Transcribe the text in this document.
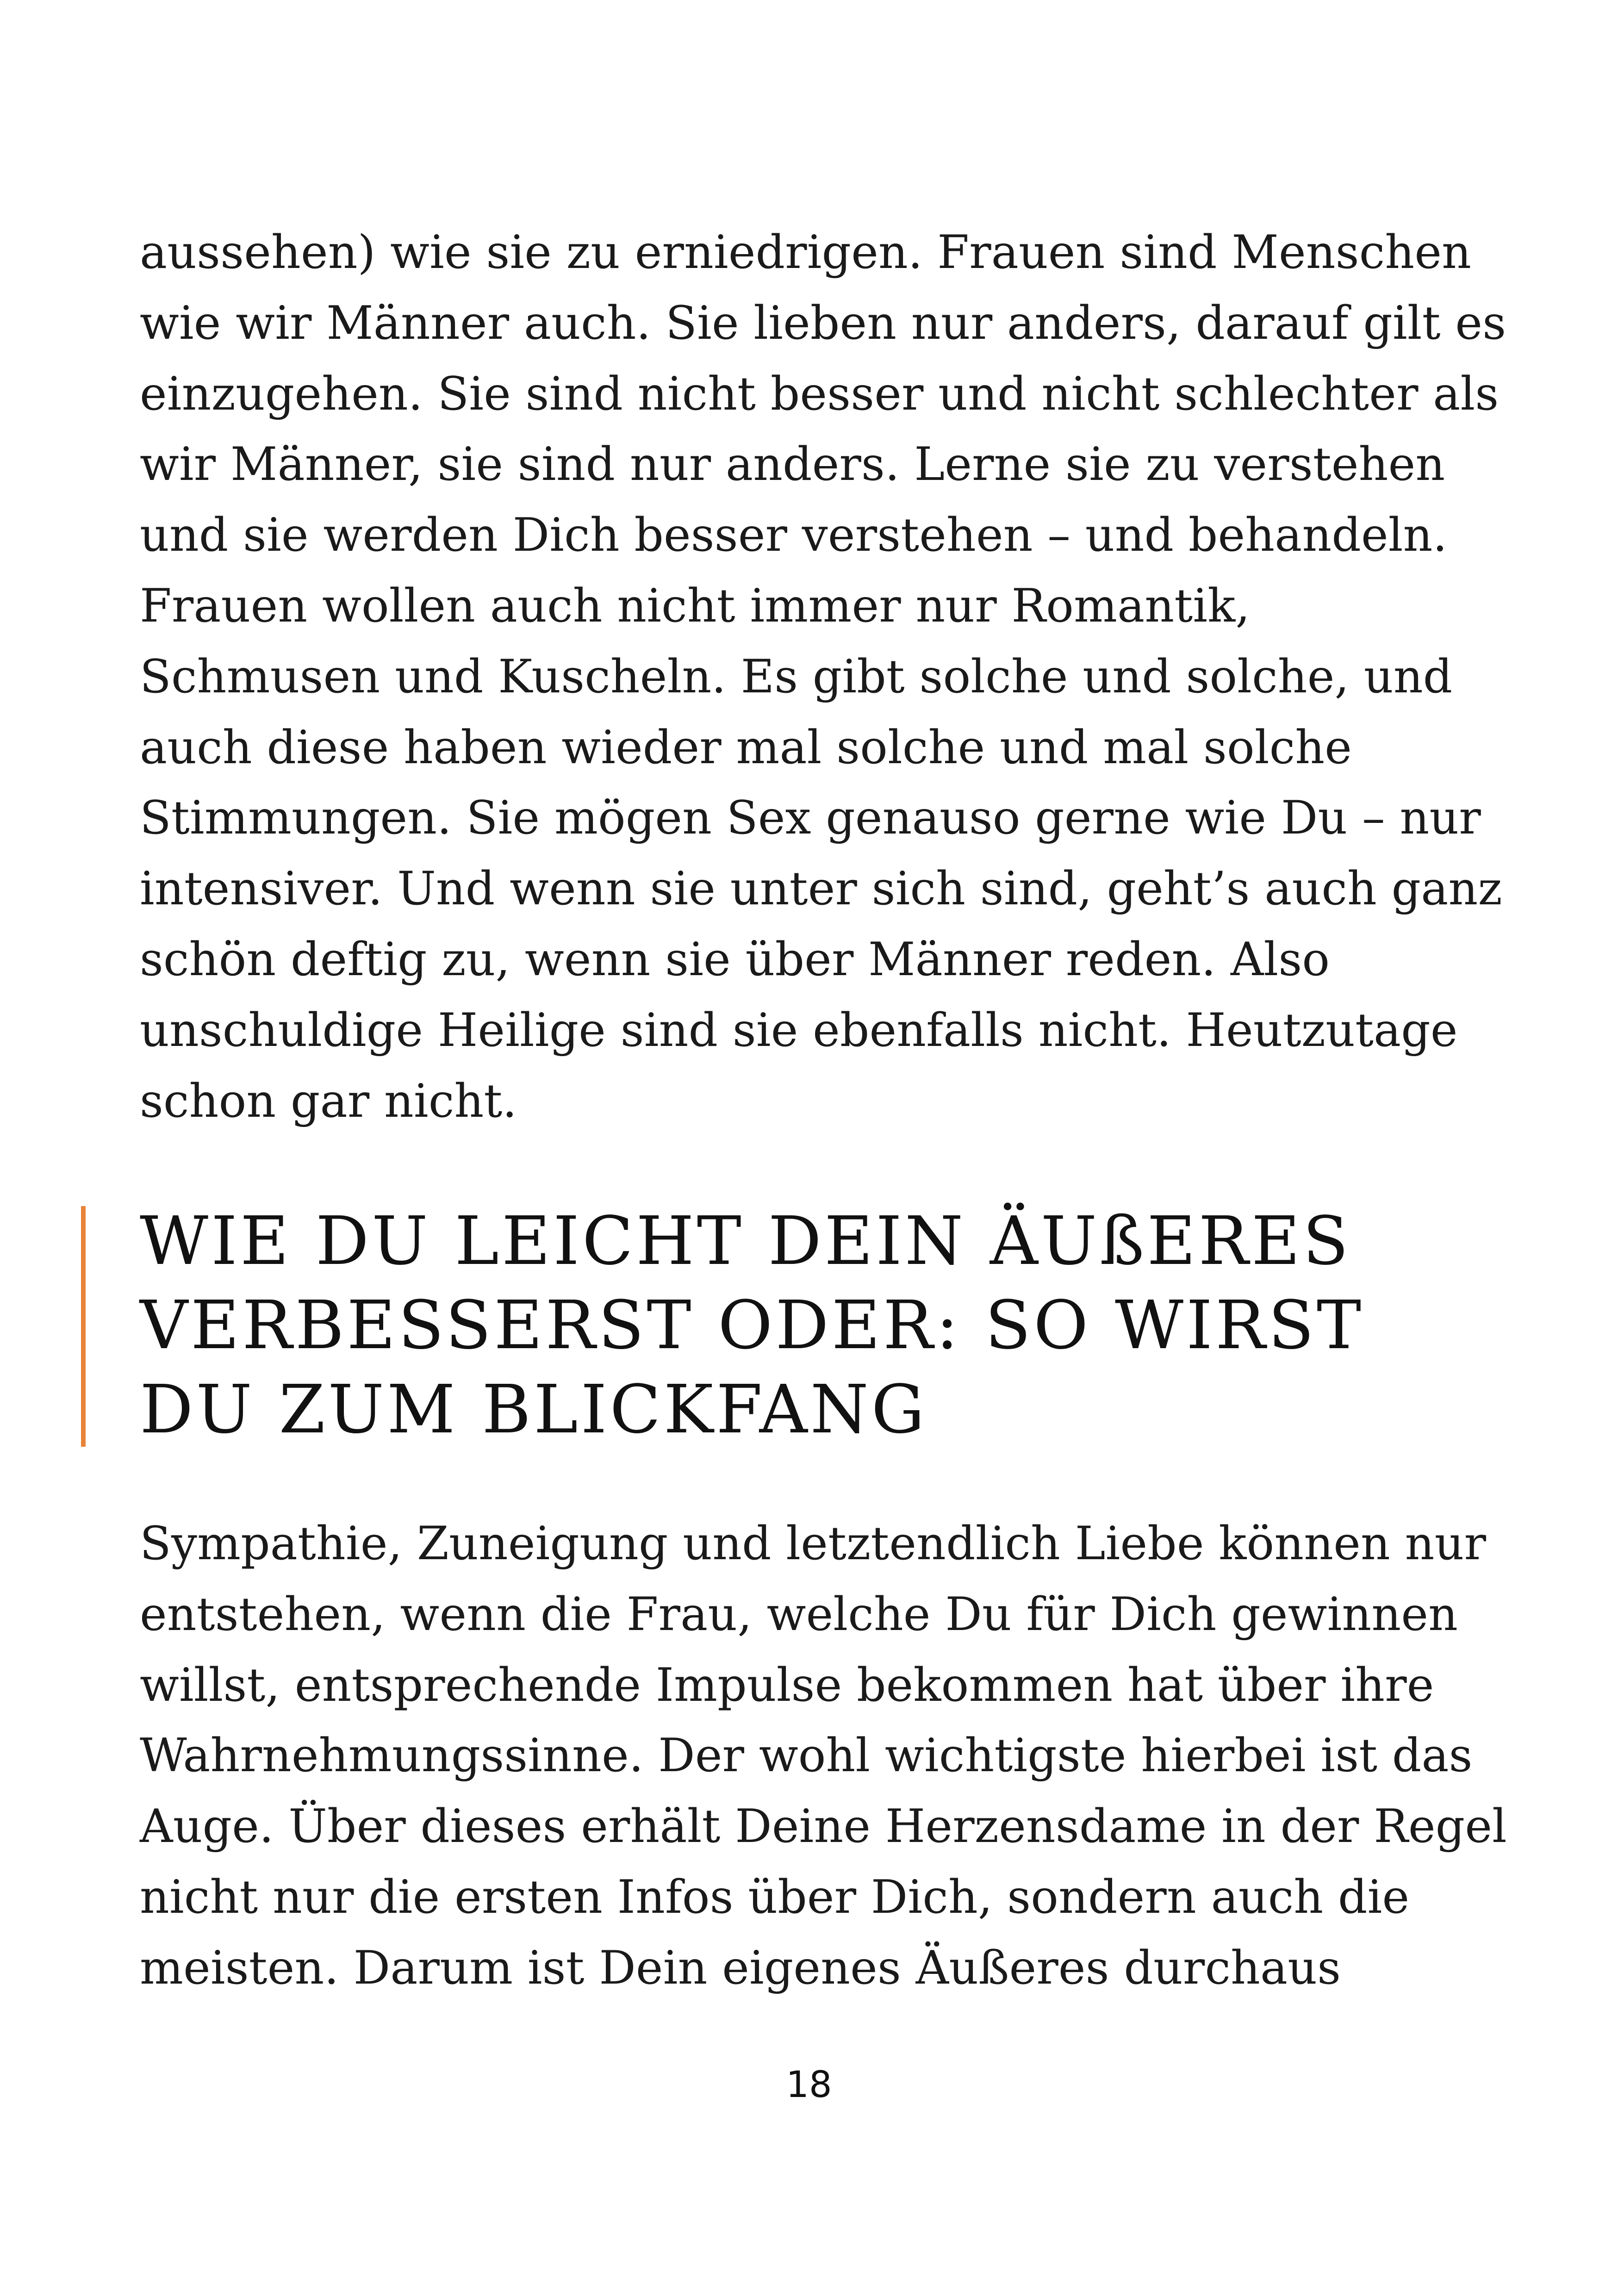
aussehen) wie sie zu erniedrigen. Frauen sind Menschen
wie wir Männer auch. Sie lieben nur anders, darauf gilt es
einzugehen. Sie sind nicht besser und nicht schlechter als
wir Männer, sie sind nur anders. Lerne sie zu verstehen
und sie werden Dich besser verstehen – und behandeln.
Frauen wollen auch nicht immer nur Romantik,
Schmusen und Kuscheln. Es gibt solche und solche, und
auch diese haben wieder mal solche und mal solche
Stimmungen. Sie mögen Sex genauso gerne wie Du – nur
intensiver. Und wenn sie unter sich sind, geht’s auch ganz
schön deftig zu, wenn sie über Männer reden. Also
unschuldige Heilige sind sie ebenfalls nicht. Heutzutage
schon gar nicht.

WIE DU LEICHT DEIN ÄUßERES
VERBESSERST ODER: SO WIRST
DU ZUM BLICKFANG

Sympathie, Zuneigung und letztendlich Liebe können nur
entstehen, wenn die Frau, welche Du für Dich gewinnen
willst, entsprechende Impulse bekommen hat über ihre
Wahrnehmungssinne. Der wohl wichtigste hierbei ist das
Auge. Über dieses erhält Deine Herzensdame in der Regel
nicht nur die ersten Infos über Dich, sondern auch die
meisten. Darum ist Dein eigenes Äußeres durchaus

18
